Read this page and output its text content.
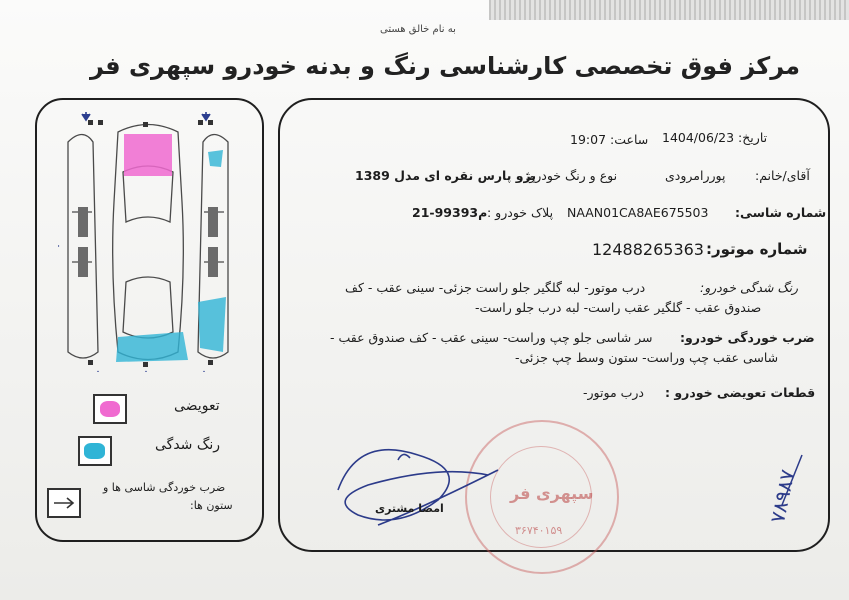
به نام خالق هستی
مرکز فوق تخصصی کارشناسی رنگ و بدنه خودرو سپهری فر
تعویضی
رنگ شدگی
ضرب خوردگی شاسی ها و
ستون ها:
1404/06/23 تاریخ:
19:07 ساعت:
آقای/خانم:
پوررامرودی
نوع و رنگ خودرو:
پژو پارس نقره ای مدل 1389
شماره شاسی:
NAAN01CA8AE675503
پلاک خودرو :
21-993م93
شماره موتور:
12488265363
رنگ شدگی خودرو:
درب موتور- لبه گلگیر جلو راست جزئی- سینی عقب - کف
صندوق عقب - گلگیر عقب راست- لبه درب جلو راست-
ضرب خوردگی خودرو:
سر شاسی جلو چپ وراست- سینی عقب - کف صندوق عقب -
شاسی عقب چپ وراست- ستون وسط چپ جزئی-
قطعات تعویضی خودرو :
درب موتور-
سپهری فر
۳۶۷۴۰۱۵۹
امضا مشتری	۷۸۹۸۷
